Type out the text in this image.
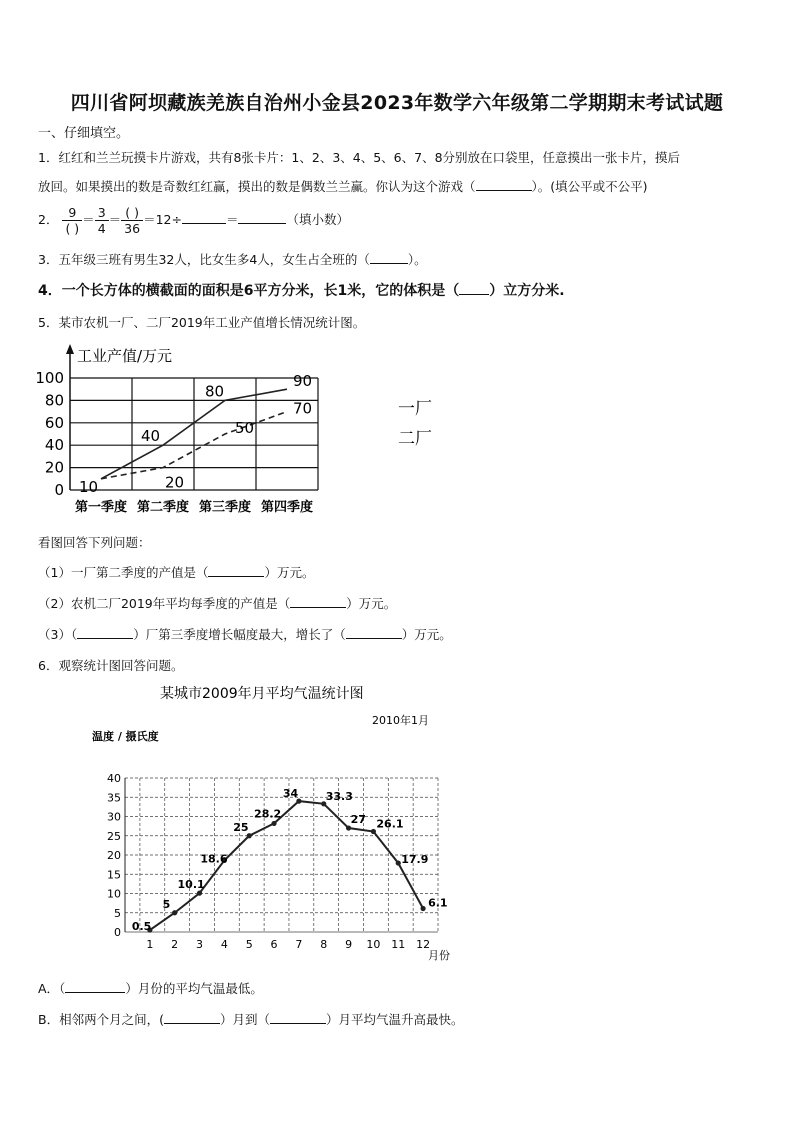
四川省阿坝藏族羌族自治州小金县2023年数学六年级第二学期期末考试试题
一、仔细填空。
1．红红和兰兰玩摸卡片游戏，共有8张卡片：1、2、3、4、5、6、7、8分别放在口袋里，任意摸出一张卡片，摸后
放回。如果摸出的数是奇数红红赢，摸出的数是偶数兰兰赢。你认为这个游戏（	）。(填公平或不公平)
2． $\frac{9}{( )} = \frac{3}{4} = \frac{( )}{36} =12\div$	＝	（填小数）
3．五年级三班有男生32人，比女生多4人，女生占全班的（	）。
4．一个长方体的横截面的面积是6平方分米，长1米，它的体积是（ ）立方分米.
5．某市农机一厂、二厂2019年工业产值增长情况统计图。
工业产值/万元
0
20
40
60
80
100
第一季度 第二季度 第三季度 第四季度
10
40
80
90
20
50
70	一厂
二厂
看图回答下列问题：
（1）一厂第二季度的产值是（	）万元。
（2）农机二厂2019年平均每季度的产值是（	）万元。
（3）（	）厂第三季度增长幅度最大，增长了（	）万元。
6．观察统计图回答问题。
某城市2009年月平均气温统计图
2010年1月
温度 / 摄氏度
0
5
10
15
20
25
30
35
40
1 2 3 4 5 6 7 8 9 10 11 12
0.5
5
10.1
18.6
25
28.2
34	33.3
27 26.1
17.9
6.1
月份
A．（	）月份的平均气温最低。
B．相邻两个月之间，(	）月到（	）月平均气温升高最快。
